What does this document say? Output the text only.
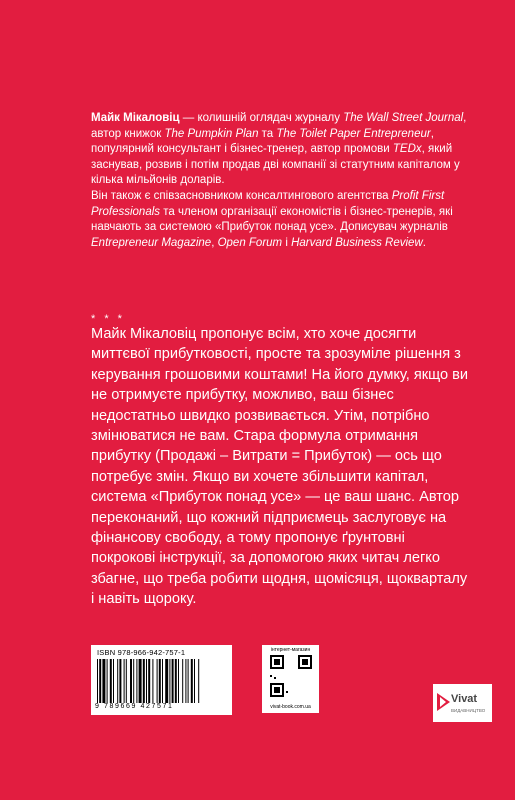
Майк Мікаловіц — колишній оглядач журналу The Wall Street Journal, автор книжок The Pumpkin Plan та The Toilet Paper Entrepreneur, популярний консультант і бізнес-тренер, автор промови TEDx, який заснував, розвив і потім продав дві компанії зі статутним капіталом у кілька мільйонів доларів.

Він також є співзасновником консалтингового агентства Profit First Professionals та членом організації економістів і бізнес-тренерів, які навчають за системою «Прибуток понад усе». Дописувач журналів Entrepreneur Magazine, Open Forum і Harvard Business Review.

* * *
Майк Мікаловіц пропонує всім, хто хоче досягти миттєвої прибутковості, просте та зрозуміле рішення з керування грошовими коштами! На його думку, якщо ви не отримуєте прибутку, можливо, ваш бізнес недостатньо швидко розвивається. Утім, потрібно змінюватися не вам. Стара формула отримання прибутку (Продажі – Витрати = Прибуток) — ось що потребує змін. Якщо ви хочете збільшити капітал, система «Прибуток понад усе» — це ваш шанс. Автор переконаний, що кожний підприємець заслуговує на фінансову свободу, а тому пропонує ґрунтовні покрокові інструкції, за допомогою яких читач легко збагне, що треба робити щодня, щомісяця, щокварталу і навіть щороку.
ISBN 978-966-942-757-1
9 789669 427571
інтернет-магазин
vivat-book.com.ua
Vivat
ВИДАВНИЦТВО
